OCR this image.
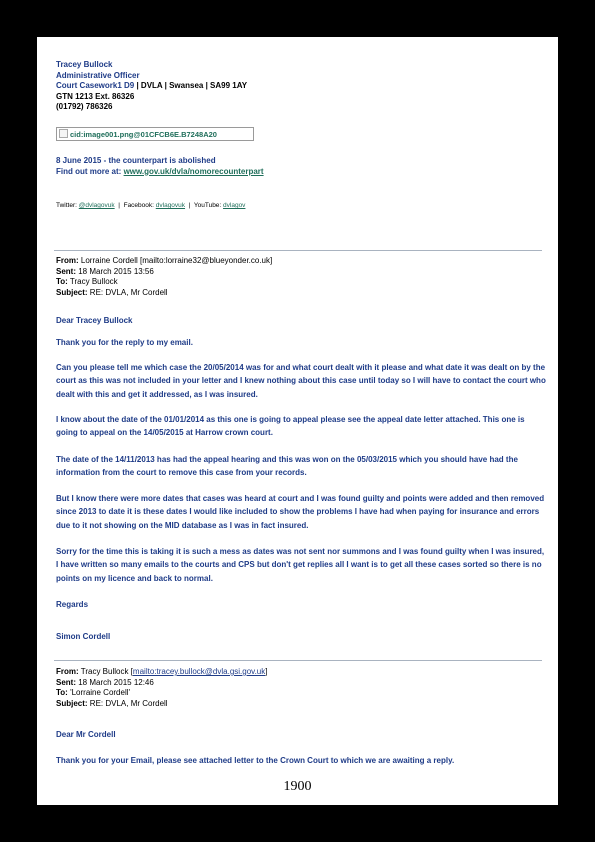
Tracey Bullock
Administrative Officer
Court Casework1 D9 | DVLA | Swansea | SA99 1AY
GTN 1213 Ext. 86326
(01792) 786326
cid:image001.png@01CFCB6E.B7248A20
8 June 2015 - the counterpart is abolished
Find out more at: www.gov.uk/dvla/nomorecounterpart
Twitter: @dvlagovuk | Facebook: dvlagovuk | YouTube: dvlagov
From: Lorraine Cordell [mailto:lorraine32@blueyonder.co.uk]
Sent: 18 March 2015 13:56
To: Tracy Bullock
Subject: RE: DVLA, Mr Cordell
Dear Tracey Bullock
Thank you for the reply to my email.
Can you please tell me which case the 20/05/2014 was for and what court dealt with it please and what date it was dealt on by the court as this was not included in your letter and I knew nothing about this case until today so I will have to contact the court who dealt with this and get it addressed, as I was insured.
I know about the date of the 01/01/2014 as this one is going to appeal please see the appeal date letter attached. This one is going to appeal on the 14/05/2015 at Harrow crown court.
The date of the 14/11/2013 has had the appeal hearing and this was won on the 05/03/2015 which you should have had the information from the court to remove this case from your records.
But I know there were more dates that cases was heard at court and I was found guilty and points were added and then removed since 2013 to date it is these dates I would like included to show the problems I have had when paying for insurance and errors due to it not showing on the MID database as I was in fact insured.
Sorry for the time this is taking it is such a mess as dates was not sent nor summons and I was found guilty when I was insured, I have written so many emails to the courts and CPS but don't get replies all I want is to get all these cases sorted so there is no points on my licence and back to normal.
Regards
Simon Cordell
From: Tracy Bullock [mailto:tracey.bullock@dvla.gsi.gov.uk]
Sent: 18 March 2015 12:46
To: 'Lorraine Cordell'
Subject: RE: DVLA, Mr Cordell
Dear Mr Cordell
Thank you for your Email, please see attached letter to the Crown Court to which we are awaiting a reply.
1900
